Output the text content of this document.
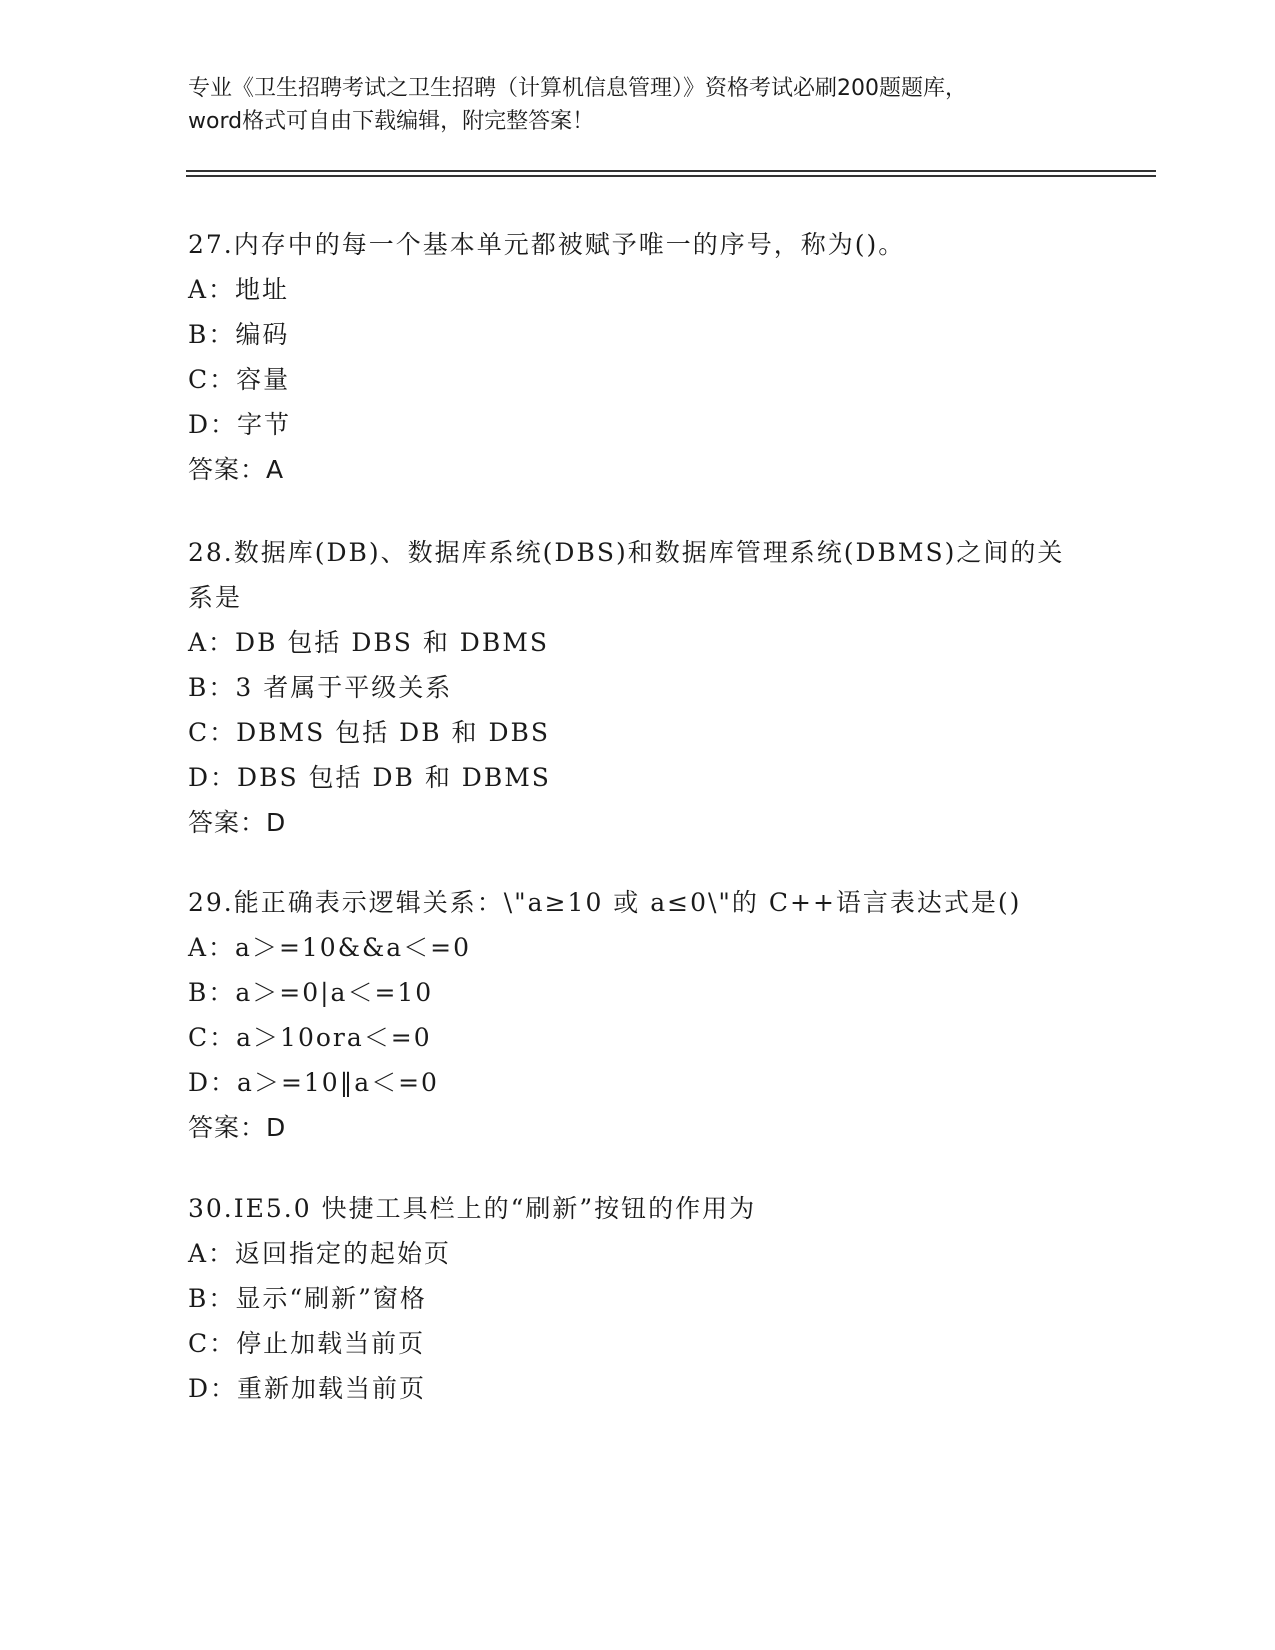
专业《卫生招聘考试之卫生招聘（计算机信息管理）》资格考试必刷200题题库，
word格式可自由下载编辑，附完整答案！
27.内存中的每一个基本单元都被赋予唯一的序号，称为()。
A：地址
B：编码
C：容量
D：字节
答案：A
28.数据库(DB)、数据库系统(DBS)和数据库管理系统(DBMS)之间的关
系是
A：DB 包括 DBS 和 DBMS
B：3 者属于平级关系
C：DBMS 包括 DB 和 DBS
D：DBS 包括 DB 和 DBMS
答案：D
29.能正确表示逻辑关系：\"a≥10 或 a≤0\"的 C++语言表达式是()
A：a＞=10&&a＜=0
B：a＞=0|a＜=10
C：a＞10ora＜=0
D：a＞=10‖a＜=0
答案：D
30.IE5.0 快捷工具栏上的“刷新”按钮的作用为
A：返回指定的起始页
B：显示“刷新”窗格
C：停止加载当前页
D：重新加载当前页
